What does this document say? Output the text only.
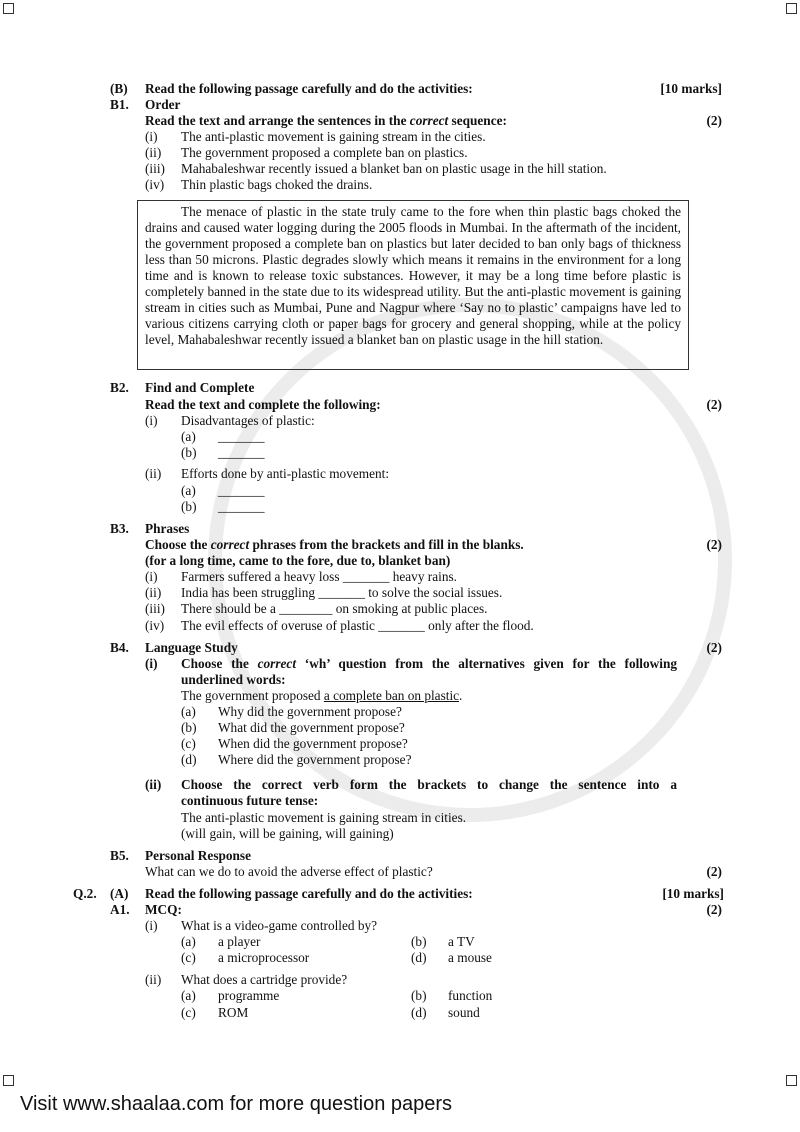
(B) Read the following passage carefully and do the activities:	[10 marks]
B1. Order
Read the text and arrange the sentences in the correct sequence:	(2)
(i) The anti-plastic movement is gaining stream in the cities.
(ii) The government proposed a complete ban on plastics.
(iii) Mahabaleshwar recently issued a blanket ban on plastic usage in the hill station.
(iv) Thin plastic bags choked the drains.
The menace of plastic in the state truly came to the fore when thin plastic bags choked the drains and caused water logging during the 2005 floods in Mumbai. In the aftermath of the incident, the government proposed a complete ban on plastics but later decided to ban only bags of thickness less than 50 microns. Plastic degrades slowly which means it remains in the environment for a long time and is known to release toxic substances. However, it may be a long time before plastic is completely banned in the state due to its widespread utility. But the anti-plastic movement is gaining stream in cities such as Mumbai, Pune and Nagpur where ‘Say no to plastic’ campaigns have led to various citizens carrying cloth or paper bags for grocery and general shopping, while at the policy level, Mahabaleshwar recently issued a blanket ban on plastic usage in the hill station.
B2. Find and Complete
Read the text and complete the following:	(2)
(i) Disadvantages of plastic:
(a) _______
(b) _______
(ii) Efforts done by anti-plastic movement:
(a) _______
(b) _______
B3. Phrases
Choose the correct phrases from the brackets and fill in the blanks.	(2)
(for a long time, came to the fore, due to, blanket ban)
(i) Farmers suffered a heavy loss _______ heavy rains.
(ii) India has been struggling _______ to solve the social issues.
(iii) There should be a ________ on smoking at public places.
(iv) The evil effects of overuse of plastic _______ only after the flood.
B4. Language Study	(2)
(i) Choose the correct ‘wh’ question from the alternatives given for the following
underlined words:
The government proposed a complete ban on plastic.
(a) Why did the government propose?
(b) What did the government propose?
(c) When did the government propose?
(d) Where did the government propose?
(ii) Choose the correct verb form the brackets to change the sentence into a
continuous future tense:
The anti-plastic movement is gaining stream in cities.
(will gain, will be gaining, will gaining)
B5. Personal Response
What can we do to avoid the adverse effect of plastic?	(2)
Q.2. (A) Read the following passage carefully and do the activities:	[10 marks]
A1. MCQ:	(2)
(i) What is a video-game controlled by?
(a) a player	(b) a TV
(c) a microprocessor	(d) a mouse
(ii) What does a cartridge provide?
(a) programme	(b) function
(c) ROM	(d) sound
Visit www.shaalaa.com for more question papers
